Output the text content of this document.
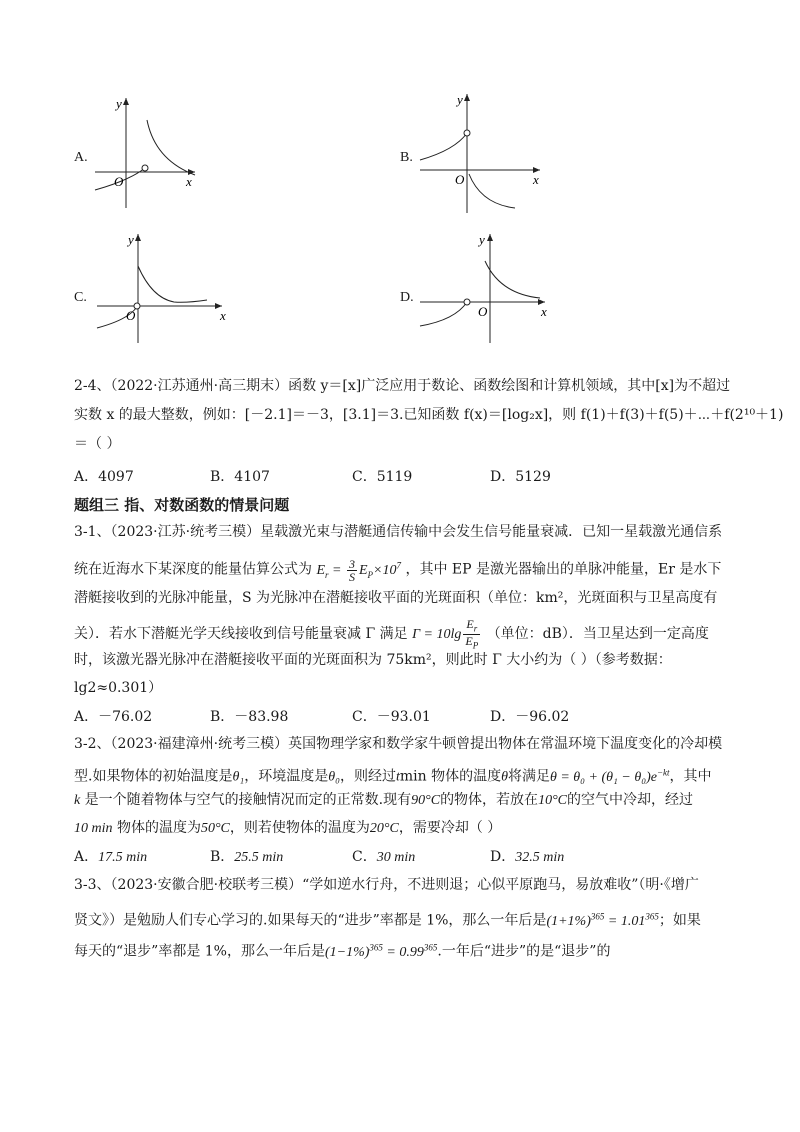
A.
O	x
y
B.
O	x
y
C.
O	x
y
D.
O	x
y
2-4、（2022·江苏通州·高三期末）函数 y＝[x]广泛应用于数论、函数绘图和计算机领域，其中[x]为不超过
实数 x 的最大整数，例如：[－2.1]＝－3，[3.1]＝3.已知函数 f(x)＝[log₂x]，则 f(1)＋f(3)＋f(5)＋⋯＋f(2¹⁰＋1)
＝（ ）
A．4097	B．4107	C．5119	D．5129
题组三 指、对数函数的情景问题
3-1、（2023·江苏·统考三模）星载激光束与潜艇通信传输中会发生信号能量衰减．已知一星载激光通信系
统在近海水下某深度的能量估算公式为 $E_r = \frac{3}{S} E_P\times 10^7$ ，其中 EP 是激光器输出的单脉冲能量，Er 是水下
潜艇接收到的光脉冲能量，S 为光脉冲在潜艇接收平面的光斑面积（单位：km²，光斑面积与卫星高度有
关）．若水下潜艇光学天线接收到信号能量衰减 Γ 满足 $\Gamma = 10\lg \frac{E_r}{E_P}$ （单位：dB）．当卫星达到一定高度
时，该激光器光脉冲在潜艇接收平面的光斑面积为 75km²，则此时 Γ 大小约为（ ）（参考数据：
lg2≈0.301）
A．－76.02	B．－83.98	C．－93.01	D．－96.02
3-2、（2023·福建漳州·统考三模）英国物理学家和数学家牛顿曾提出物体在常温环境下温度变化的冷却模
型.如果物体的初始温度是θ₁，环境温度是θ₀，则经过tmin 物体的温度θ将满足$\theta = \theta_0 + (\theta_1 - \theta_0)e^{-kt}$，其中
k 是一个随着物体与空气的接触情况而定的正常数.现有90°C的物体，若放在10°C的空气中冷却，经过
10 min 物体的温度为50°C，则若使物体的温度为20°C，需要冷却（ ）
A．17.5 min	B．25.5 min	C．30 min	D．32.5 min
3-3、（2023·安徽合肥·校联考三模）“学如逆水行舟，不进则退；心似平原跑马，易放难收”（明·《增广
贤文》）是勉励人们专心学习的.如果每天的“进步”率都是 1%，那么一年后是$(1+1\%)^{365} = 1.01^{365}$；如果
每天的“退步”率都是 1%，那么一年后是$(1-1\%)^{365} = 0.99^{365}$.一年后“进步”的是“退步”的
